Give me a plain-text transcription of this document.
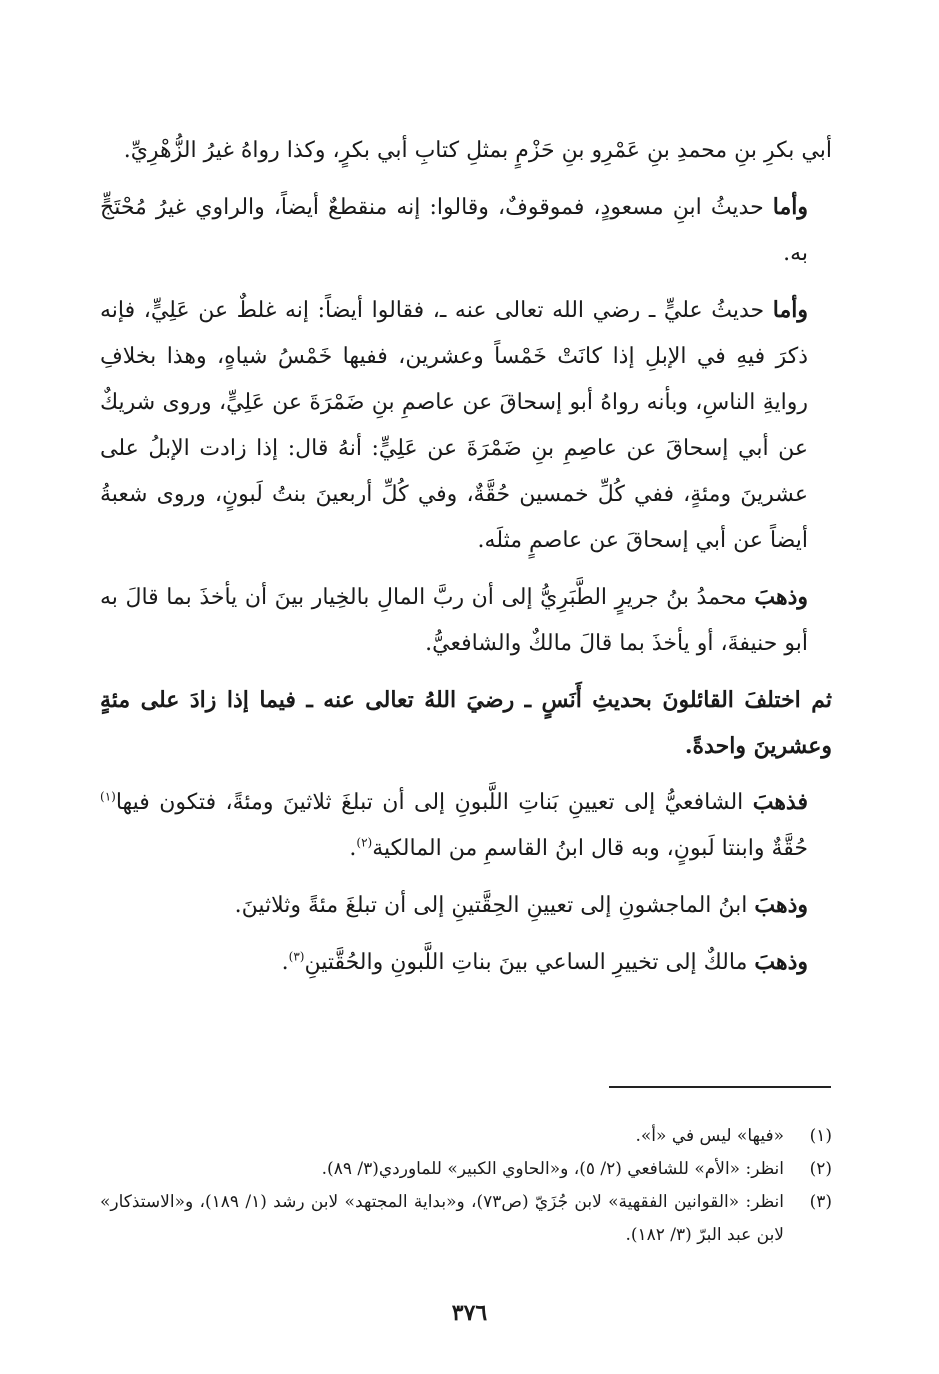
أبي بكرِ بنِ محمدِ بنِ عَمْرِو بنِ حَزْمٍ بمثلِ كتابِ أبي بكرٍ، وكذا رواهُ غيرُ الزُّهْرِيِّ.

وأما حديثُ ابنِ مسعودٍ، فموقوفٌ، وقالوا: إنه منقطعٌ أيضاً، والراوي غيرُ مُحْتَجٍّ به.

وأما حديثُ عليٍّ ـ رضي الله تعالى عنه ـ، فقالوا أيضاً: إنه غلطٌ عن عَلِيٍّ، فإنه ذكرَ فيهِ في الإبلِ إذا كانَتْ خَمْساً وعشرين، ففيها خَمْسُ شياهٍ، وهذا بخلافِ روايةِ الناسِ، وبأنه رواهُ أبو إسحاقَ عن عاصمِ بنِ ضَمْرَةَ عن عَلِيٍّ، وروى شريكٌ عن أبي إسحاقَ عن عاصِمِ بنِ ضَمْرَةَ عن عَلِيٍّ: أنهُ قال: إذا زادت الإبلُ على عشرينَ ومئةٍ، ففي كُلِّ خمسين حُقَّةٌ، وفي كُلِّ أربعينَ بنتُ لَبونٍ، وروى شعبةُ أيضاً عن أبي إسحاقَ عن عاصمٍ مثلَه.

وذهبَ محمدُ بنُ جريرٍ الطَّبَرِيُّ إلى أن ربَّ المالِ بالخِيار بينَ أن يأخذَ بما قالَ به أبو حنيفةَ، أو يأخذَ بما قالَ مالكٌ والشافعيُّ.

ثم اختلفَ القائلونَ بحديثِ أَنَسٍ ـ رضيَ اللهُ تعالى عنه ـ فيما إذا زادَ على مئةٍ وعشرينَ واحدةً.

فذهبَ الشافعيُّ إلى تعيينِ بَناتِ اللَّبونِ إلى أن تبلغَ ثلاثينَ ومئةً، فتكون فيها$^{(١)}$ حُقَّةٌ وابنتا لَبونٍ، وبه قال ابنُ القاسمِ من المالكية$^{(٢)}$.

وذهبَ ابنُ الماجشونِ إلى تعيينِ الحِقَّتينِ إلى أن تبلغَ مئةً وثلاثينَ.

وذهبَ مالكٌ إلى تخييرِ الساعي بينَ بناتِ اللَّبونِ والحُقَّتينِ$^{(٣)}$.

(١)
«فيها» ليس في «أ».
(٢)
انظر: «الأم» للشافعي (٢/ ٥)، و«الحاوي الكبير» للماوردي(٣/ ٨٩).
(٣)
انظر: «القوانين الفقهية» لابن جُزَيّ (ص٧٣)، و«بداية المجتهد» لابن رشد (١/ ١٨٩)، و«الاستذكار» لابن عبد البرّ (٣/ ١٨٢).
٣٧٦
